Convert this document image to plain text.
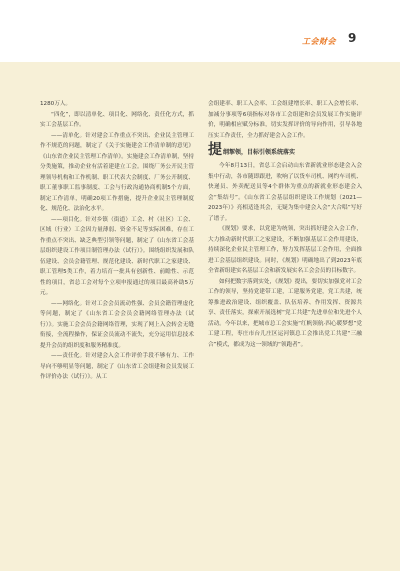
工会财会 9

1280万人。

“四化”，即以清单化、项目化、网络化、责任化方式，抓实工会基层工作。

——清单化。针对建会工作重点不突出、企业民主管理工作不规范的问题，制定了《关于实施建会工作清单制的意见》《山东省企业民主管理工作清单》。实施建会工作清单制，坚持分类施策，推动企业有活着建建立工会。围绕厂务公开民主管理领导机构和工作机制、职工代表大会制度、厂务公开制度、职工董事职工监事制度、工会与行政沟通协商机制5个方面，制定工作清单，明确20项工作措施，提升企业民主管理制度化、规范化、法治化水平。

——项目化。针对乡镇（街道）工会、村（社区）工会、区域（行业）工会因力量薄弱、资金不足等实际困难，存在工作重点不突出、缺乏典型引领等问题，制定了《山东省工会基层组织建设工作项目制管理办法（试行）》。围绕组织发展和队伍建设、会员会籍管理、规范化建设、新时代职工之家建设、职工管理5类工作，着力培育一批具有创新性、前瞻性、示范性的项目，省总工会对每个立项申报通过的项目最高补助5万元。

——网络化。针对工会会员流动性强、会员会籍管理虚化等问题，制定了《山东省工会会员会籍网络管理办法（试行）》。实施工会会员会籍网络管理，实现了网上入会转会无缝衔接，全流程操作，保证会员流动不流失，充分运用信息技术提升会员的组织度和服务精准度。

——责任化。针对建会入会工作评价手段不够有力、工作导向不够明显等问题，制定了《山东省工会组建和会员发展工作评价办法（试行）》。从工

会组建率、职工入会率、工会组建增长率、职工入会增长率、加减分事项等6项指标对各市工会组建和会员发展工作实施评价，明确相应赋分标准，切实发挥评价的导向作用，引导各地压实工作责任，全力抓好建会入会工作。

提 纲挈领，目标引领系统落实

今年8月13日，省总工会启动山东省新就业形态建会入会集中行动，各市随即跟进，吹响了以货车司机、网约车司机、快递员、外卖配送员等4个群体为重点的新就业形态建会入会“集结号”。《山东省工会基层组织建设工作规划（2021—2023年）》亮相适逢其会，无疑为集中建会入会“大合唱”写好了谱子。

《规划》要求，以党建为统领，突出抓好建会入会工作，大力推动新时代职工之家建设，不断加强基层工会作用建设，持续深化企业民主管理工作，努力发挥基层工会作用，全面推进工会基层组织建设。同时，《规划》明确地出了到2023年底全省新组建实名基层工会和新发展实名工会会员的目标数字。

如何把数字落到实处，《规划》提出，要切实加强党对工会工作的领导，坚持党建带工建，工建服务党建，党工共建，统筹推进政治建设、组织覆盖、队伍培养、作用发挥、资源共享、责任落实，探索开展选树“党工共建”先进单位和先进个人活动。今年以来，把城市总工会实施“红帆领航·四心暖梦想”党工建工程，枣庄市台儿庄区运河镇总工会推出党工共建“三融合”模式，都成为这一领域的“领跑者”。
